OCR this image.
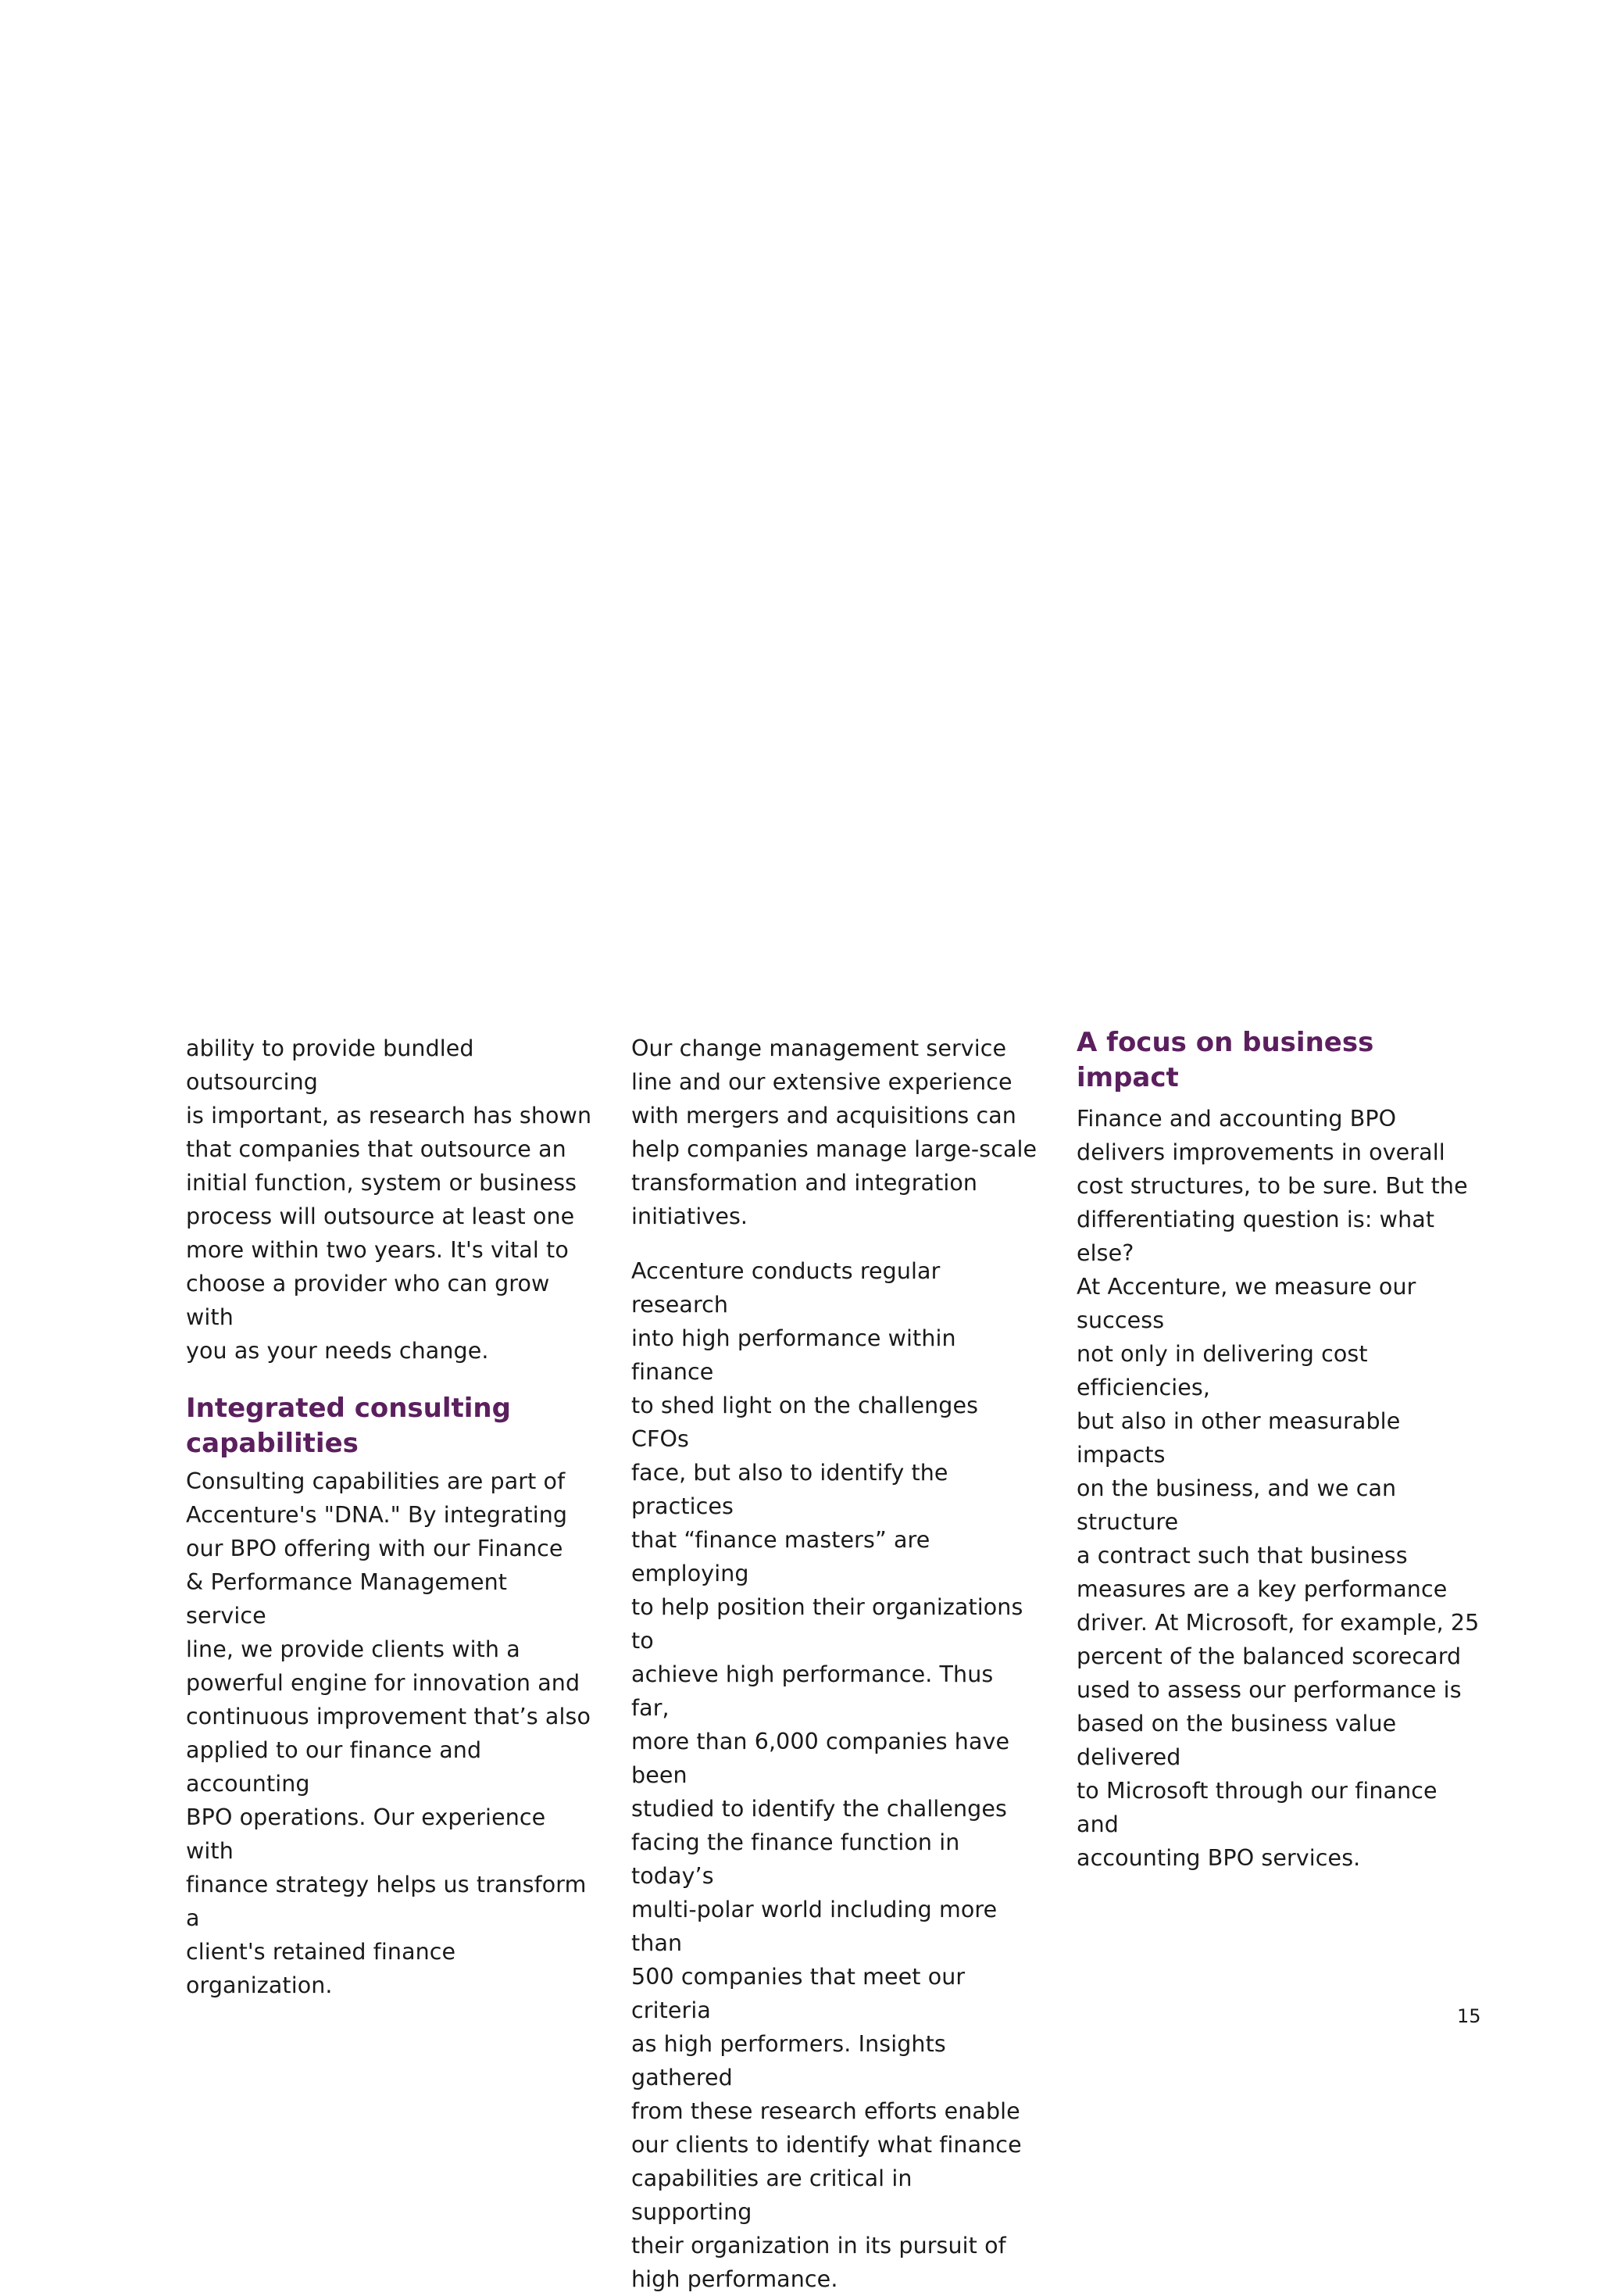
ability to provide bundled outsourcing
is important, as research has shown
that companies that outsource an
initial function, system or business
process will outsource at least one
more within two years. It's vital to
choose a provider who can grow with
you as your needs change.

Integrated consulting
capabilities

Consulting capabilities are part of
Accenture's "DNA." By integrating
our BPO offering with our Finance
& Performance Management service
line, we provide clients with a
powerful engine for innovation and
continuous improvement that’s also
applied to our finance and accounting
BPO operations. Our experience with
finance strategy helps us transform a
client's retained finance organization.

Our change management service
line and our extensive experience
with mergers and acquisitions can
help companies manage large-scale
transformation and integration
initiatives.

Accenture conducts regular research
into high performance within finance
to shed light on the challenges CFOs
face, but also to identify the practices
that “finance masters” are employing
to help position their organizations to
achieve high performance. Thus far,
more than 6,000 companies have been
studied to identify the challenges
facing the finance function in today’s
multi-polar world including more than
500 companies that meet our criteria
as high performers. Insights gathered
from these research efforts enable
our clients to identify what finance
capabilities are critical in supporting
their organization in its pursuit of
high performance.

A focus on business impact

Finance and accounting BPO
delivers improvements in overall
cost structures, to be sure. But the
differentiating question is: what else?
At Accenture, we measure our success
not only in delivering cost efficiencies,
but also in other measurable impacts
on the business, and we can structure
a contract such that business
measures are a key performance
driver. At Microsoft, for example, 25
percent of the balanced scorecard
used to assess our performance is
based on the business value delivered
to Microsoft through our finance and
accounting BPO services.

15
